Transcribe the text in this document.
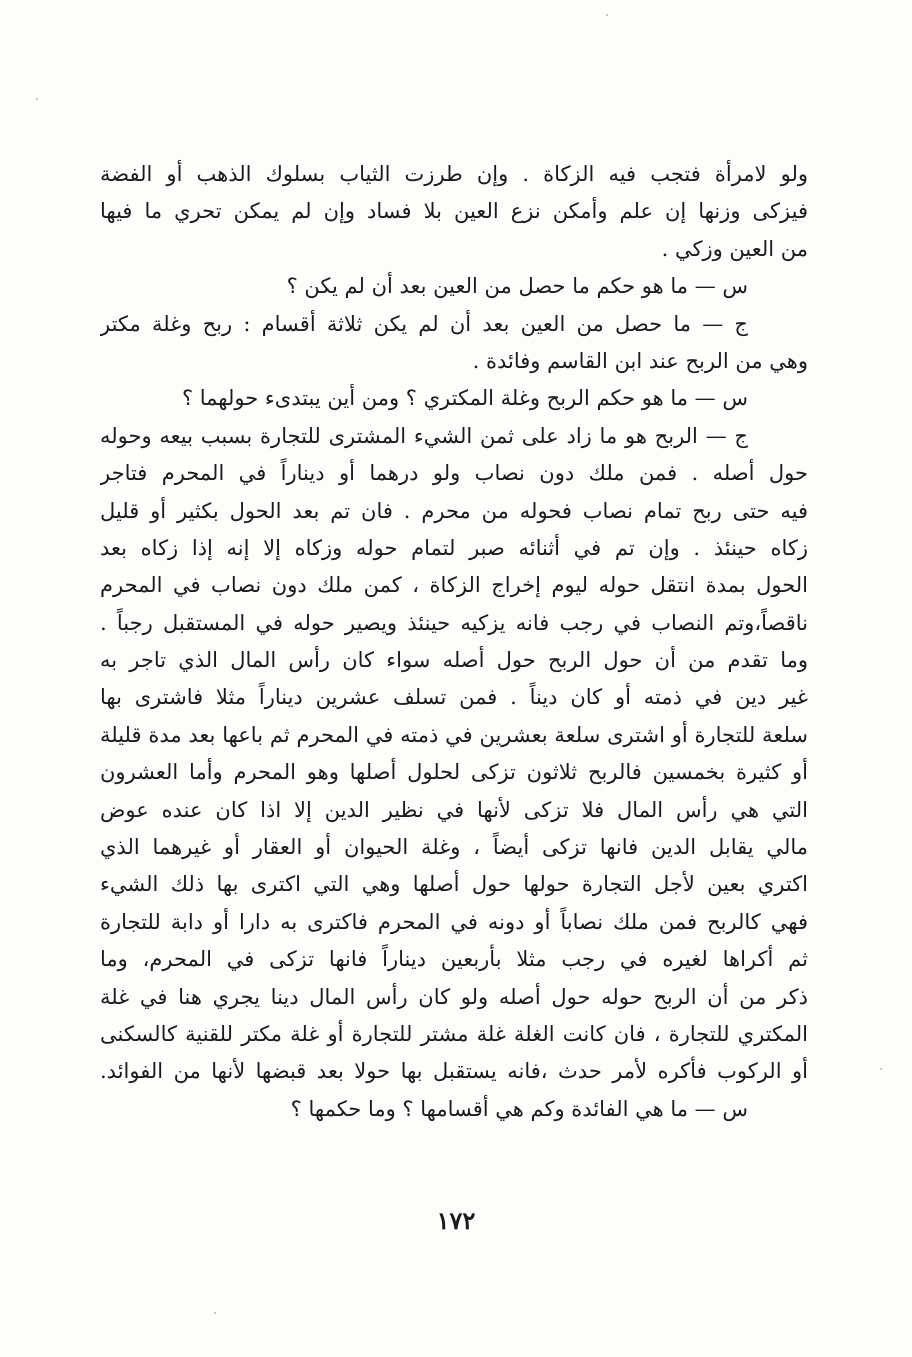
ولو لامرأة فتجب فيه الزكاة . وإن طرزت الثياب بسلوك الذهب أو الفضة
فيزكى وزنها إن علم وأمكن نزع العين بلا فساد وإن لم يمكن تحري ما فيها
من العين وزكي .
س — ما هو حكم ما حصل من العين بعد أن لم يكن ؟
ج — ما حصل من العين بعد أن لم يكن ثلاثة أقسام : ربح وغلة مكتر
وهي من الربح عند ابن القاسم وفائدة .
س — ما هو حكم الربح وغلة المكتري ؟ ومن أين يبتدىء حولهما ؟
ج — الربح هو ما زاد على ثمن الشيء المشترى للتجارة بسبب بيعه وحوله
حول أصله . فمن ملك دون نصاب ولو درهما أو ديناراً في المحرم فتاجر
فيه حتى ربح تمام نصاب فحوله من محرم . فان تم بعد الحول بكثير أو قليل
زكاه حينئذ . وإن تم في أثنائه صبر لتمام حوله وزكاه إلا إنه إذا زكاه بعد
الحول بمدة انتقل حوله ليوم إخراج الزكاة ، كمن ملك دون نصاب في المحرم
ناقصاً،وتم النصاب في رجب فانه يزكيه حينئذ ويصير حوله في المستقبل رجباً .
وما تقدم من أن حول الربح حول أصله سواء كان رأس المال الذي تاجر به
غير دين في ذمته أو كان ديناً . فمن تسلف عشرين ديناراً مثلا فاشترى بها
سلعة للتجارة أو اشترى سلعة بعشرين في ذمته في المحرم ثم باعها بعد مدة قليلة
أو كثيرة بخمسين فالربح ثلاثون تزكى لحلول أصلها وهو المحرم وأما العشرون
التي هي رأس المال فلا تزكى لأنها في نظير الدين إلا اذا كان عنده عوض
مالي يقابل الدين فانها تزكى أيضاً ، وغلة الحيوان أو العقار أو غيرهما الذي
اكتري بعين لأجل التجارة حولها حول أصلها وهي التي اكترى بها ذلك الشيء
فهي كالربح فمن ملك نصاباً أو دونه في المحرم فاكترى به دارا أو دابة للتجارة
ثم أكراها لغيره في رجب مثلا بأربعين ديناراً فانها تزكى في المحرم، وما
ذكر من أن الربح حوله حول أصله ولو كان رأس المال دينا يجري هنا في غلة
المكتري للتجارة ، فان كانت الغلة غلة مشتر للتجارة أو غلة مكتر للقنية كالسكنى
أو الركوب فأكره لأمر حدث ،فانه يستقبل بها حولا بعد قبضها لأنها من الفوائد.
س — ما هي الفائدة وكم هي أقسامها ؟ وما حكمها ؟
١٧٢
